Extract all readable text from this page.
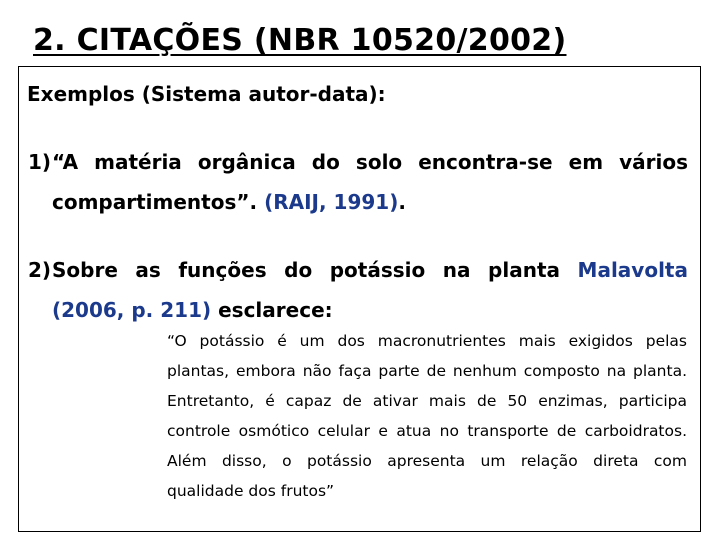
2. CITAÇÕES (NBR 10520/2002)
Exemplos (Sistema autor-data):
1) “A matéria orgânica do solo encontra-se em vários compartimentos”. (RAIJ, 1991).
2) Sobre as funções do potássio na planta Malavolta (2006, p. 211) esclarece:
“O potássio é um dos macronutrientes mais exigidos pelas
plantas, embora não faça parte de nenhum composto na planta.
Entretanto, é capaz de ativar mais de 50 enzimas, participa
controle osmótico celular e atua no transporte de carboidratos.
Além disso, o potássio apresenta um relação direta com
qualidade dos frutos”
